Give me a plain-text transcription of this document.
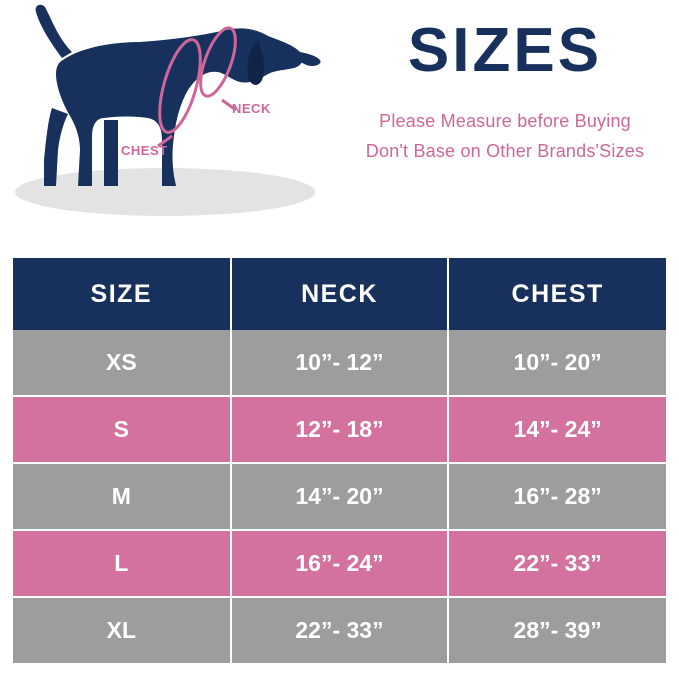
NECK
CHEST
SIZES
Please Measure before Buying
Don't Base on Other Brands'Sizes
SIZE	NECK	CHEST
XS	10”- 12”	10”- 20”
S	12”- 18”	14”- 24”
M	14”- 20”	16”- 28”
L	16”- 24”	22”- 33”
XL	22”- 33”	28”- 39”
